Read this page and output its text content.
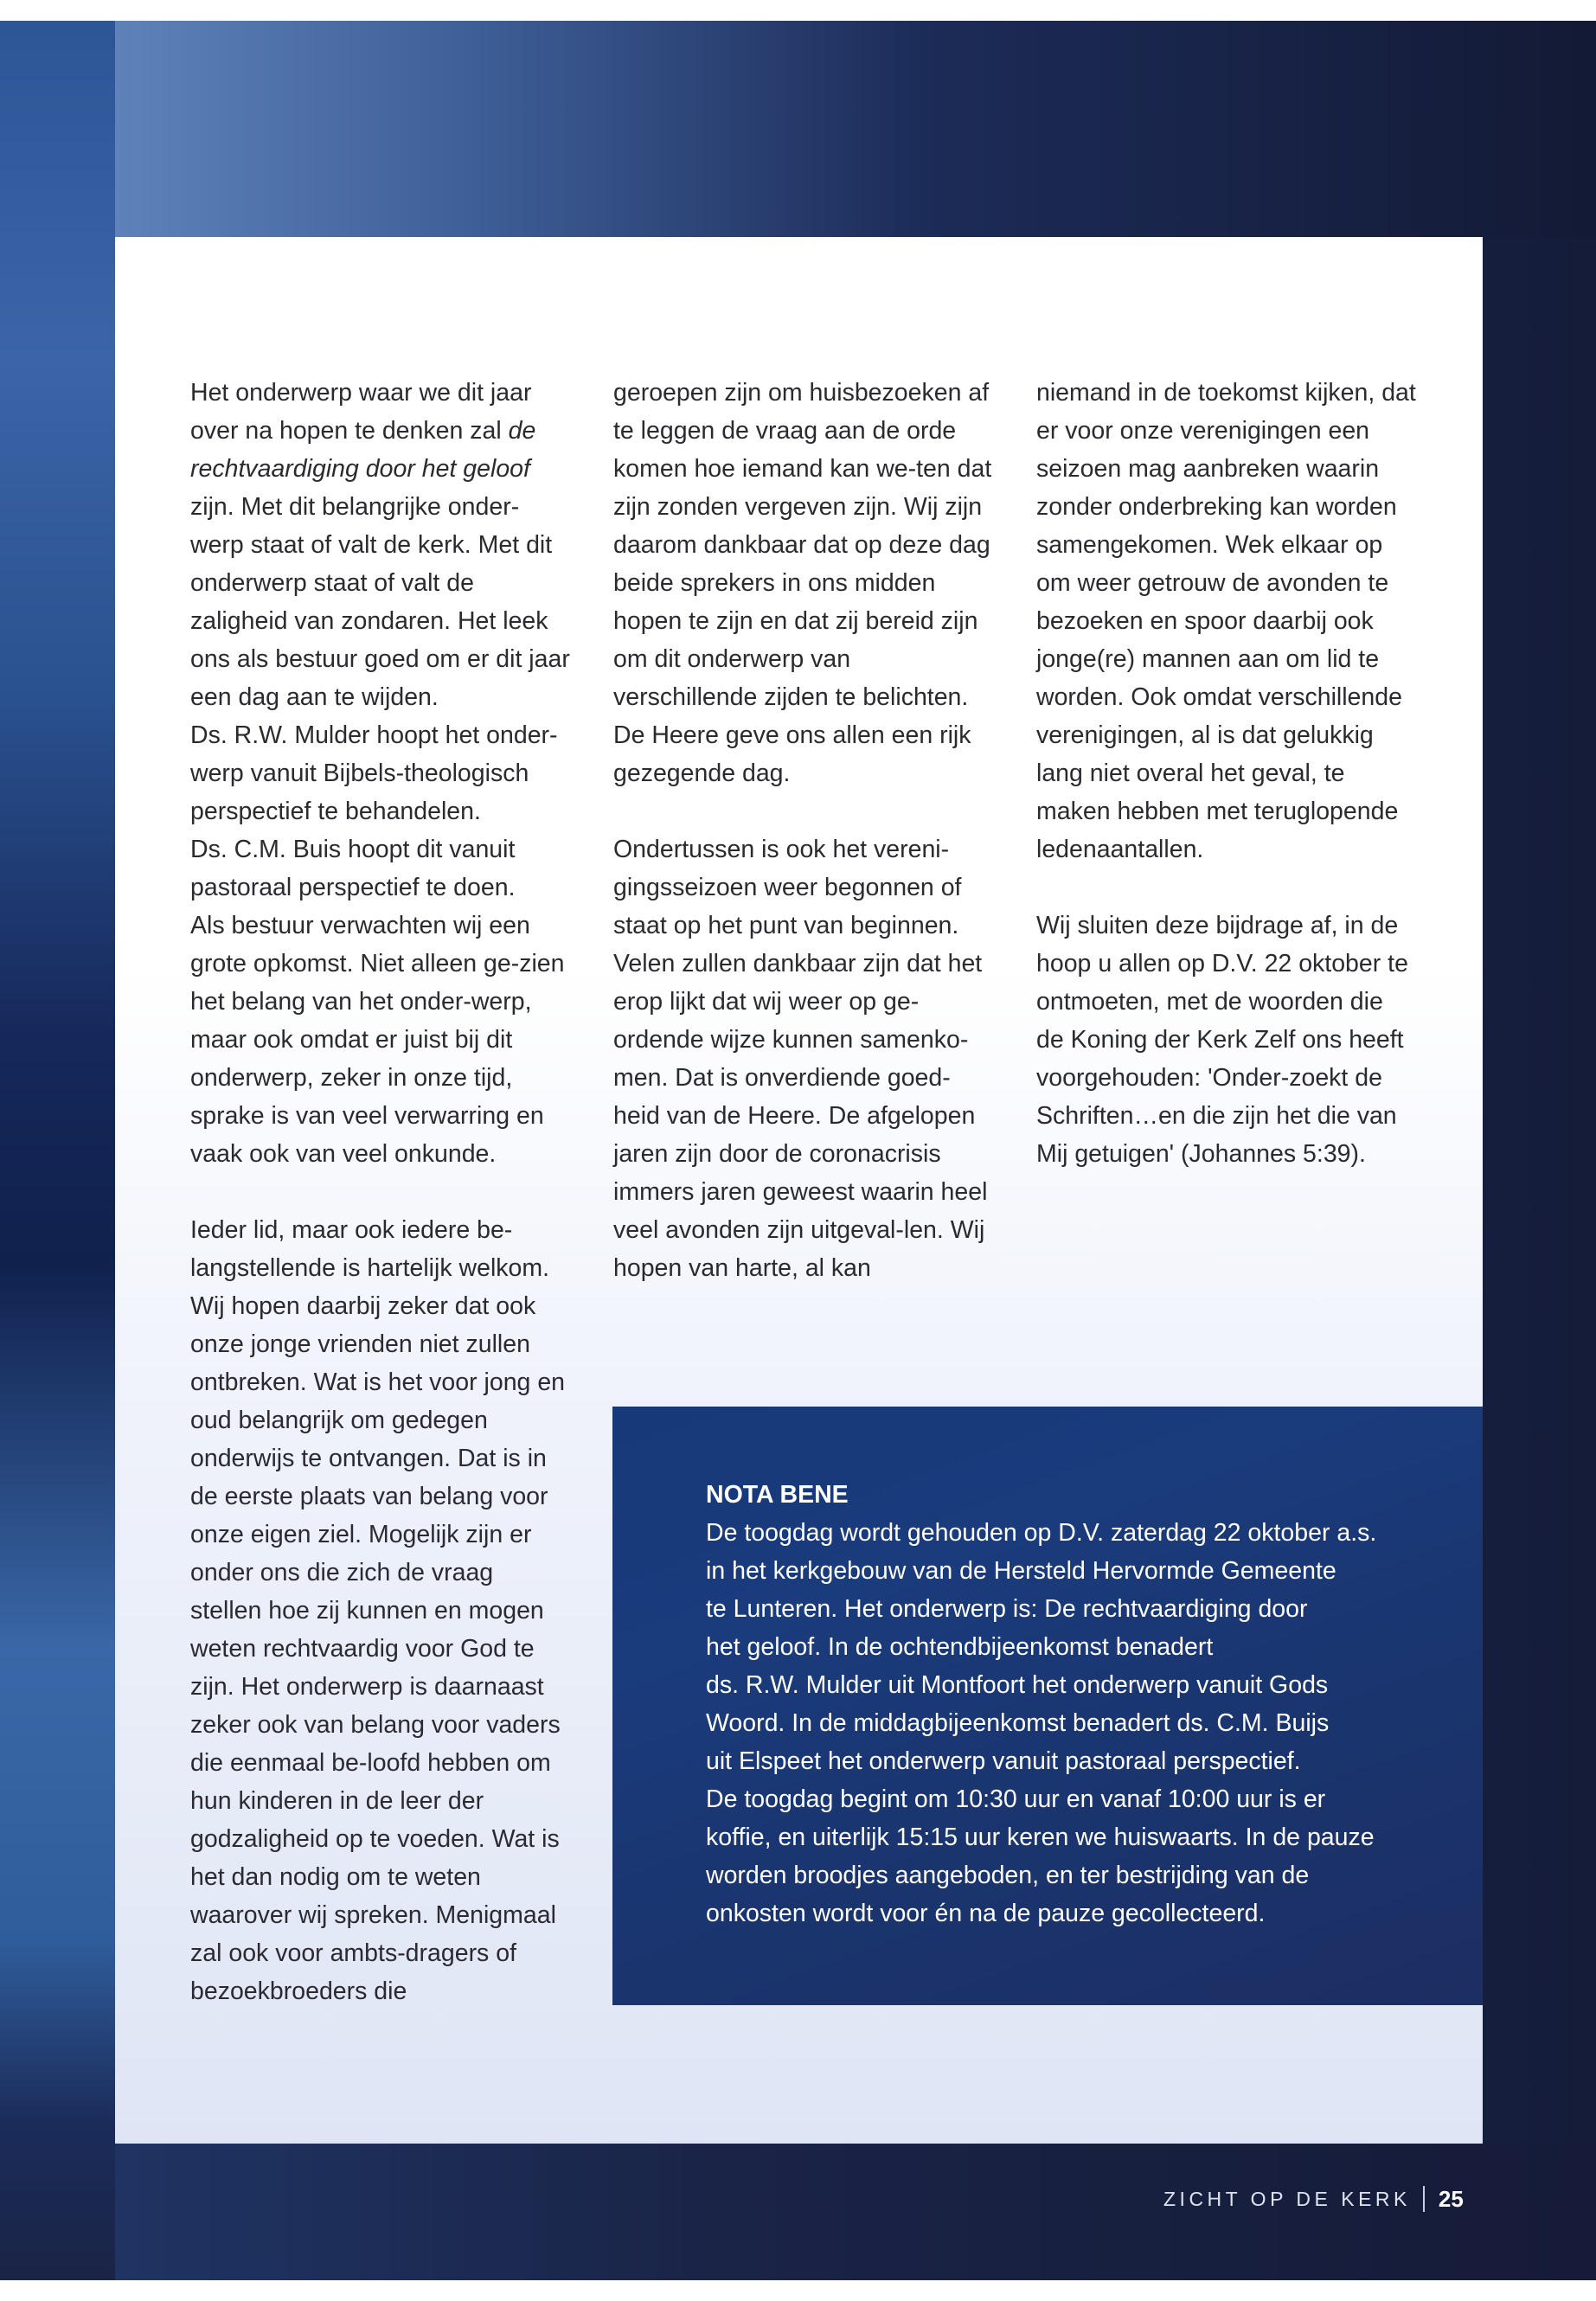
Het onderwerp waar we dit jaar over na hopen te denken zal de rechtvaardiging door het geloof zijn. Met dit belangrijke onder-werp staat of valt de kerk. Met dit onderwerp staat of valt de zaligheid van zondaren. Het leek ons als bestuur goed om er dit jaar een dag aan te wijden.
Ds. R.W. Mulder hoopt het onder-werp vanuit Bijbels-theologisch perspectief te behandelen.
Ds. C.M. Buis hoopt dit vanuit pastoraal perspectief te doen.
Als bestuur verwachten wij een grote opkomst. Niet alleen ge-zien het belang van het onder-werp, maar ook omdat er juist bij dit onderwerp, zeker in onze tijd, sprake is van veel verwarring en vaak ook van veel onkunde.

Ieder lid, maar ook iedere be-langstellende is hartelijk welkom. Wij hopen daarbij zeker dat ook onze jonge vrienden niet zullen ontbreken. Wat is het voor jong en oud belangrijk om gedegen onderwijs te ontvangen. Dat is in de eerste plaats van belang voor onze eigen ziel. Mogelijk zijn er onder ons die zich de vraag stellen hoe zij kunnen en mogen weten rechtvaardig voor God te zijn. Het onderwerp is daarnaast zeker ook van belang voor vaders die eenmaal be-loofd hebben om hun kinderen in de leer der godzaligheid op te voeden. Wat is het dan nodig om te weten waarover wij spreken. Menigmaal zal ook voor ambts-dragers of bezoekbroeders die

geroepen zijn om huisbezoeken af te leggen de vraag aan de orde komen hoe iemand kan we-ten dat zijn zonden vergeven zijn. Wij zijn daarom dankbaar dat op deze dag beide sprekers in ons midden hopen te zijn en dat zij bereid zijn om dit onderwerp van verschillende zijden te belichten. De Heere geve ons allen een rijk gezegende dag.

Ondertussen is ook het vereni-gingsseizoen weer begonnen of staat op het punt van beginnen. Velen zullen dankbaar zijn dat het erop lijkt dat wij weer op ge-ordende wijze kunnen samenko-men. Dat is onverdiende goed-heid van de Heere. De afgelopen jaren zijn door de coronacrisis immers jaren geweest waarin heel veel avonden zijn uitgeval-len. Wij hopen van harte, al kan

niemand in de toekomst kijken, dat er voor onze verenigingen een seizoen mag aanbreken waarin zonder onderbreking kan worden samengekomen. Wek elkaar op om weer getrouw de avonden te bezoeken en spoor daarbij ook jonge(re) mannen aan om lid te worden. Ook omdat verschillende verenigingen, al is dat gelukkig lang niet overal het geval, te maken hebben met teruglopende ledenaantallen.

Wij sluiten deze bijdrage af, in de hoop u allen op D.V. 22 oktober te ontmoeten, met de woorden die de Koning der Kerk Zelf ons heeft voorgehouden: 'Onder-zoekt de Schriften…en die zijn het die van Mij getuigen' (Johannes 5:39).

NOTA BENE

De toogdag wordt gehouden op D.V. zaterdag 22 oktober a.s.
in het kerkgebouw van de Hersteld Hervormde Gemeente
te Lunteren. Het onderwerp is: De rechtvaardiging door
het geloof. In de ochtendbijeenkomst benadert
ds. R.W. Mulder uit Montfoort het onderwerp vanuit Gods
Woord. In de middagbijeenkomst benadert ds. C.M. Buijs
uit Elspeet het onderwerp vanuit pastoraal perspectief.
De toogdag begint om 10:30 uur en vanaf 10:00 uur is er
koffie, en uiterlijk 15:15 uur keren we huiswaarts. In de pauze
worden broodjes aangeboden, en ter bestrijding van de
onkosten wordt voor én na de pauze gecollecteerd.

ZICHT OP DE KERK 25
